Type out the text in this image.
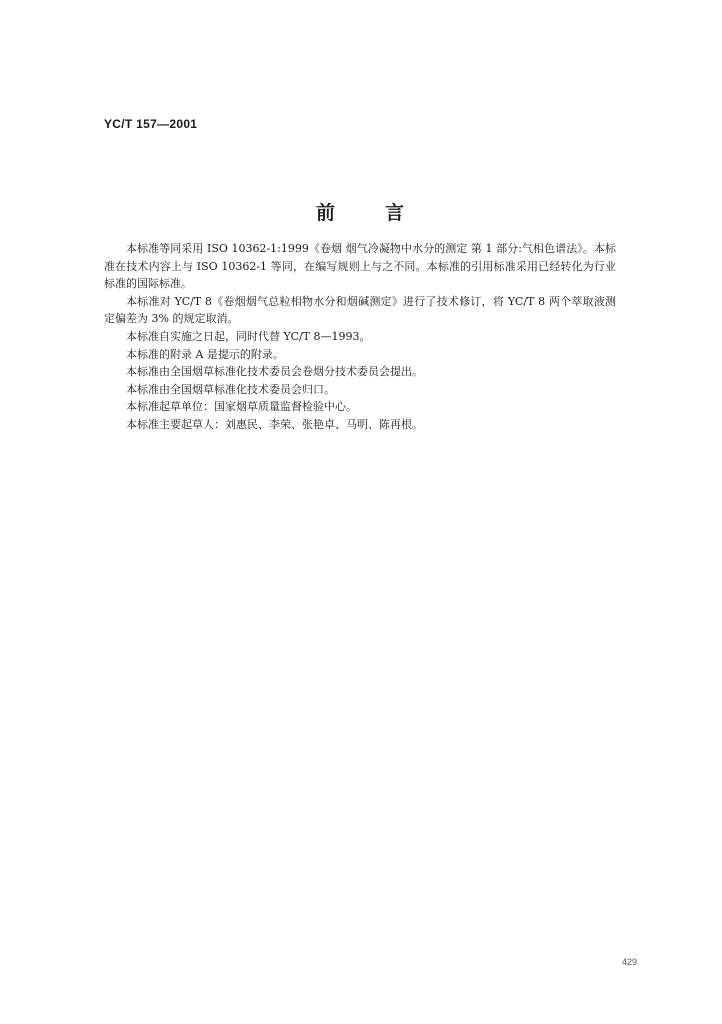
YC/T 157—2001
前	言

本标准等同采用 ISO 10362-1:1999《卷烟 烟气冷凝物中水分的测定 第 1 部分:气相色谱法》。本标准在技术内容上与 ISO 10362-1 等同，在编写规则上与之不同。本标准的引用标准采用已经转化为行业标准的国际标准。

本标准对 YC/T 8《卷烟烟气总粒相物水分和烟碱测定》进行了技术修订，将 YC/T 8 两个萃取液测定偏差为 3% 的规定取消。

本标准自实施之日起，同时代替 YC/T 8—1993。

本标准的附录 A 是提示的附录。

本标准由全国烟草标准化技术委员会卷烟分技术委员会提出。

本标准由全国烟草标准化技术委员会归口。

本标准起草单位：国家烟草质量监督检验中心。

本标准主要起草人：刘惠民、李荣、张艳卓、马明、陈再根。

429
